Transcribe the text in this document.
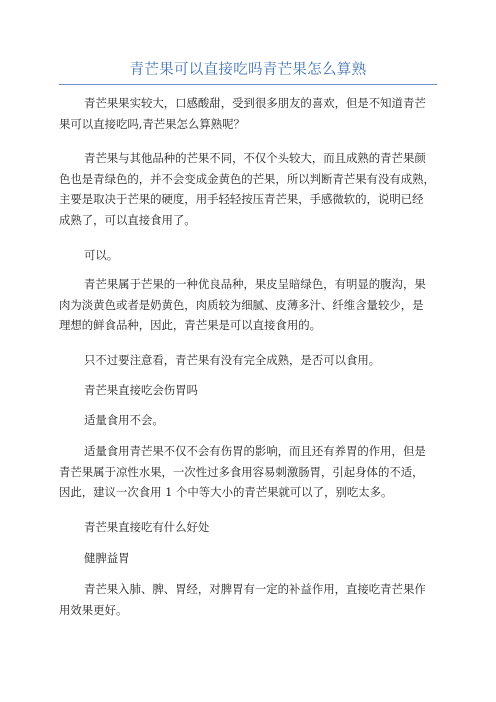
青芒果可以直接吃吗青芒果怎么算熟
青芒果果实较大，口感酸甜，受到很多朋友的喜欢，但是不知道青芒
果可以直接吃吗,青芒果怎么算熟呢？
青芒果与其他品种的芒果不同，不仅个头较大，而且成熟的青芒果颜
色也是青绿色的，并不会变成金黄色的芒果，所以判断青芒果有没有成熟，
主要是取决于芒果的硬度，用手轻轻按压青芒果，手感微软的，说明已经
成熟了，可以直接食用了。
可以。
青芒果属于芒果的一种优良品种，果皮呈暗绿色，有明显的腹沟，果
肉为淡黄色或者是奶黄色，肉质较为细腻、皮薄多汁、纤维含量较少，是
理想的鲜食品种，因此，青芒果是可以直接食用的。
只不过要注意看，青芒果有没有完全成熟，是否可以食用。
青芒果直接吃会伤胃吗
适量食用不会。
适量食用青芒果不仅不会有伤胃的影响，而且还有养胃的作用，但是
青芒果属于凉性水果，一次性过多食用容易刺激肠胃，引起身体的不适，
因此，建议一次食用 1 个中等大小的青芒果就可以了，别吃太多。
青芒果直接吃有什么好处
健脾益胃
青芒果入肺、脾、胃经，对脾胃有一定的补益作用，直接吃青芒果作
用效果更好。
